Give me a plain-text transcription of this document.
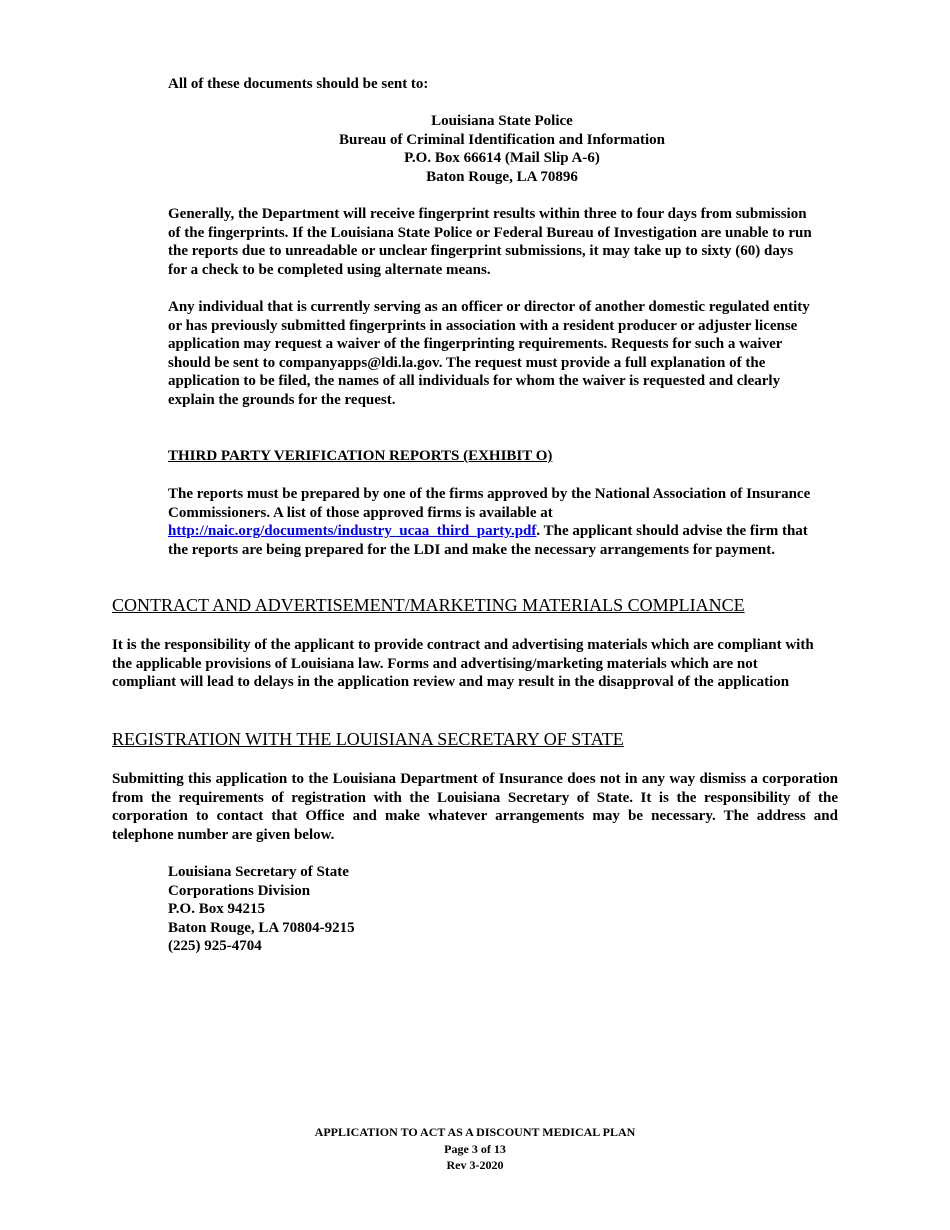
All of these documents should be sent to:

Louisiana State Police
Bureau of Criminal Identification and Information
P.O. Box 66614 (Mail Slip A-6)
Baton Rouge, LA 70896
Generally, the Department will receive fingerprint results within three to four days from submission
of the fingerprints. If the Louisiana State Police or Federal Bureau of Investigation are unable to run
the reports due to unreadable or unclear fingerprint submissions, it may take up to sixty (60) days
for a check to be completed using alternate means.
Any individual that is currently serving as an officer or director of another domestic regulated entity
or has previously submitted fingerprints in association with a resident producer or adjuster license
application may request a waiver of the fingerprinting requirements. Requests for such a waiver
should be sent to companyapps@ldi.la.gov. The request must provide a full explanation of the
application to be filed, the names of all individuals for whom the waiver is requested and clearly
explain the grounds for the request.

THIRD PARTY VERIFICATION REPORTS (EXHIBIT O)

The reports must be prepared by one of the firms approved by the National Association of Insurance
Commissioners. A list of those approved firms is available at
http://naic.org/documents/industry_ucaa_third_party.pdf. The applicant should advise the firm that
the reports are being prepared for the LDI and make the necessary arrangements for payment.

CONTRACT AND ADVERTISEMENT/MARKETING MATERIALS COMPLIANCE

It is the responsibility of the applicant to provide contract and advertising materials which are compliant with
the applicable provisions of Louisiana law. Forms and advertising/marketing materials which are not
compliant will lead to delays in the application review and may result in the disapproval of the application

REGISTRATION WITH THE LOUISIANA SECRETARY OF STATE

Submitting this application to the Louisiana Department of Insurance does not in any way dismiss a corporation
from the requirements of registration with the Louisiana Secretary of State. It is the responsibility of the
corporation to contact that Office and make whatever arrangements may be necessary. The address and
telephone number are given below.
Louisiana Secretary of State
Corporations Division
P.O. Box 94215
Baton Rouge, LA 70804-9215
(225) 925-4704
APPLICATION TO ACT AS A DISCOUNT MEDICAL PLAN
Page 3 of 13
Rev 3-2020
